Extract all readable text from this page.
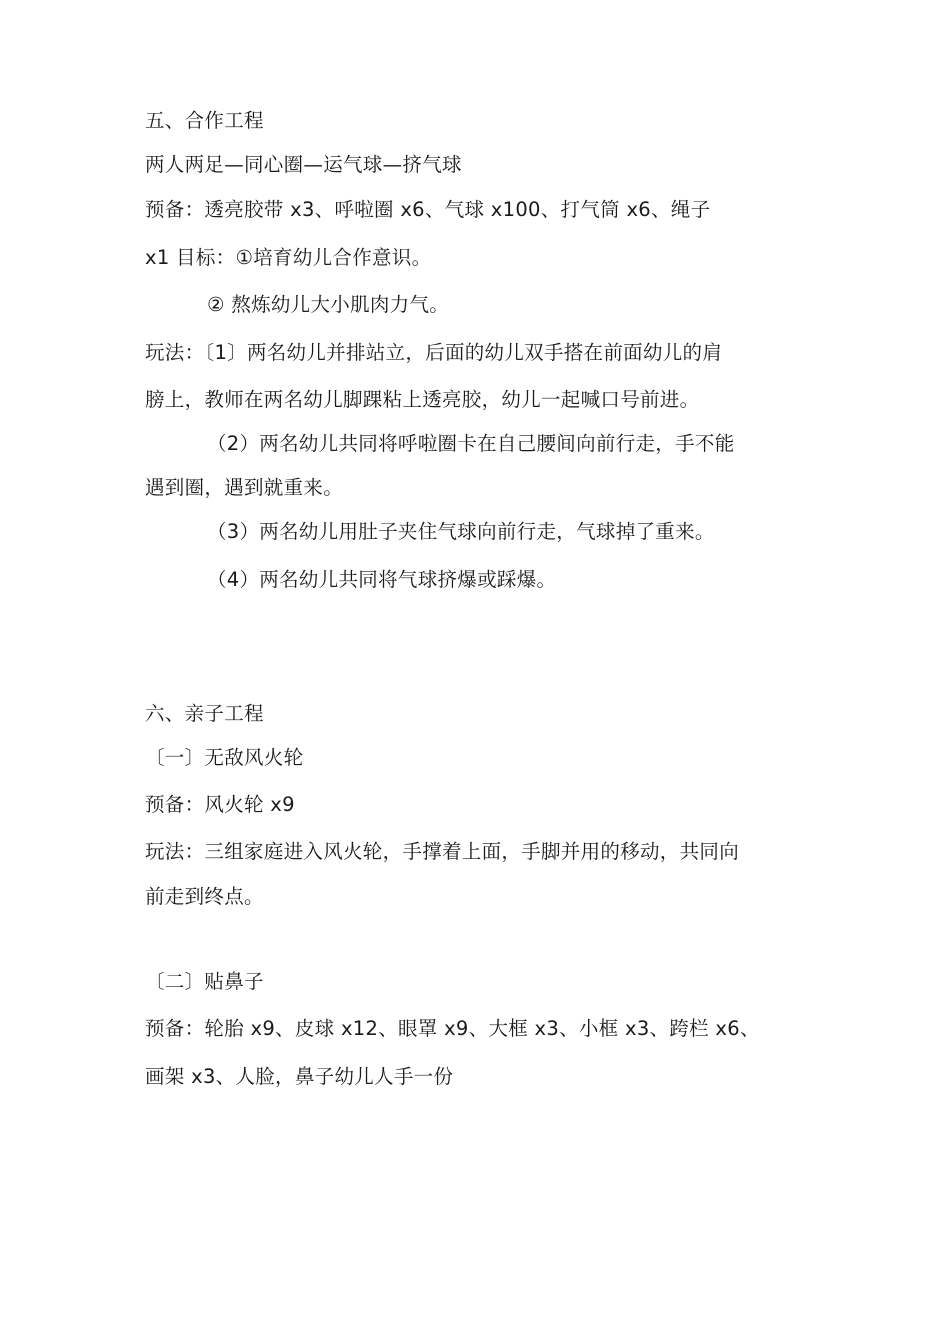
五、合作工程
两人两足—同心圈—运气球—挤气球
预备：透亮胶带 x3、呼啦圈 x6、气球 x100、打气筒 x6、绳子
x1 目标：①培育幼儿合作意识。
② 熬炼幼儿大小肌肉力气。
玩法：〔1〕两名幼儿并排站立，后面的幼儿双手搭在前面幼儿的肩
膀上，教师在两名幼儿脚踝粘上透亮胶，幼儿一起喊口号前进。
（2）两名幼儿共同将呼啦圈卡在自己腰间向前行走，手不能
遇到圈，遇到就重来。
（3）两名幼儿用肚子夹住气球向前行走，气球掉了重来。
（4）两名幼儿共同将气球挤爆或踩爆。
六、亲子工程
〔一〕无敌风火轮
预备：风火轮 x9
玩法：三组家庭进入风火轮，手撑着上面，手脚并用的移动，共同向
前走到终点。
〔二〕贴鼻子
预备：轮胎 x9、皮球 x12、眼罩 x9、大框 x3、小框 x3、跨栏 x6、
画架 x3、人脸，鼻子幼儿人手一份
